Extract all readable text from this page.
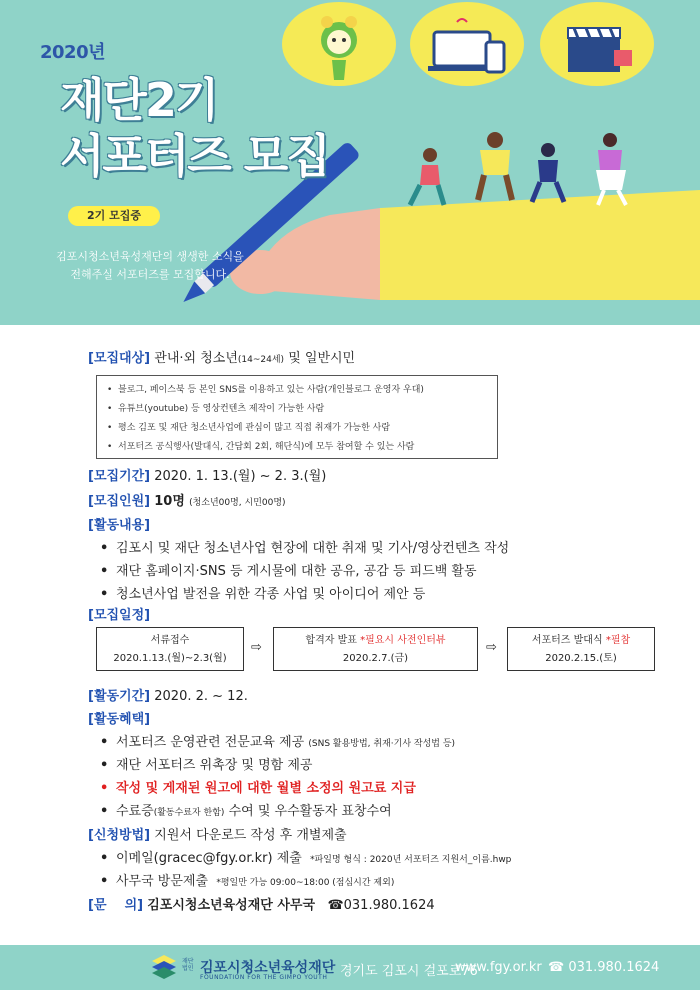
2020년
재단2기
서포터즈 모집
2기 모집중
김포시청소년육성재단의 생생한 소식을
전해주실 서포터즈를 모집합니다.
[모집대상] 관내·외 청소년(14~24세) 및 일반시민
•  블로그, 페이스북 등 본인 SNS를 이용하고 있는 사람(개인블로그 운영자 우대)
•  유튜브(youtube) 등 영상컨텐츠 제작이 가능한 사람
•  평소 김포 및 재단 청소년사업에 관심이 많고 직접 취재가 가능한 사람
•  서포터즈 공식행사(발대식, 간담회 2회, 해단식)에 모두 참여할 수 있는 사람
[모집기간] 2020. 1. 13.(월) ~ 2. 3.(월)
[모집인원] 10명 (청소년00명, 시민00명)
[활동내용]
• 김포시 및 재단 청소년사업 현장에 대한 취재 및 기사/영상컨텐츠 작성
• 재단 홈페이지·SNS 등 게시물에 대한 공유, 공감 등 피드백 활동
• 청소년사업 발전을 위한 각종 사업 및 아이디어 제안 등
[모집일정]
서류접수
2020.1.13.(월)~2.3(월)
⇨	합격자 발표 *필요시 사전인터뷰
2020.2.7.(금)
⇨	서포터즈 발대식 *필참
2020.2.15.(토)
[활동기간] 2020. 2. ~ 12.
[활동혜택]
• 서포터즈 운영관련 전문교육 제공 (SNS 활용방법, 취재·기사 작성법 등)
• 재단 서포터즈 위촉장 및 명함 제공
• 작성 및 게재된 원고에 대한 월별 소정의 원고료 지급
• 수료증(활동수료자 한함) 수여 및 우수활동자 표창수여
[신청방법] 지원서 다운로드 작성 후 개별제출
• 이메일(gracec@fgy.or.kr) 제출 *파일명 형식 : 2020년 서포터즈 지원서_이름.hwp
• 사무국 방문제출 *평일만 가능 09:00~18:00 (점심시간 제외)
[문    의] 김포시청소년육성재단 사무국 ☎031.980.1624
재단 법인 김포시청소년육성재단
FOUNDATION FOR THE GIMPO YOUTH 경기도 김포시 걸포로76
www.fgy.or.kr ☎ 031.980.1624
